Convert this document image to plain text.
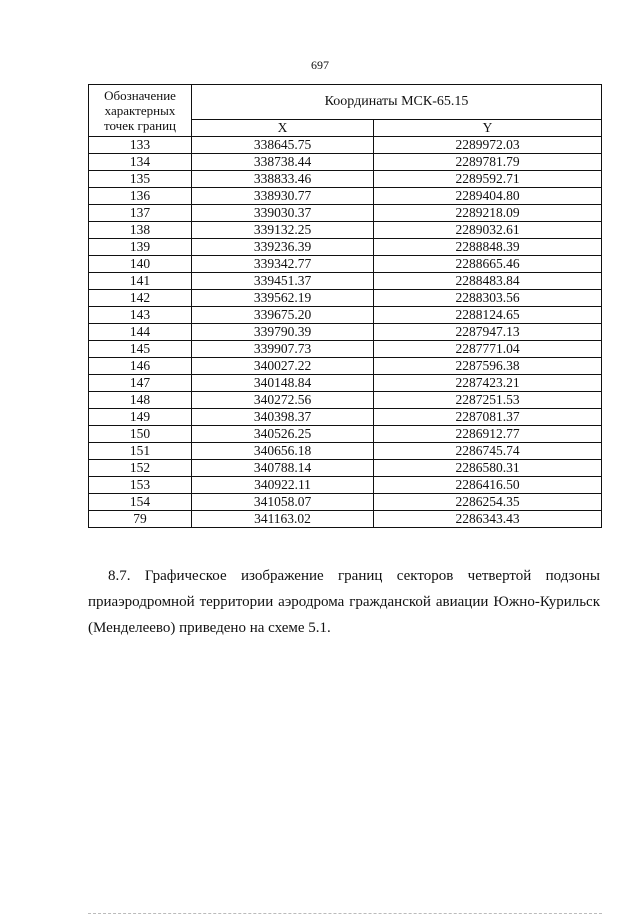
697
Обозначение характерных точек границ	Координаты МСК-65.15	
	X	Y
133	338645.75	2289972.03
134	338738.44	2289781.79
135	338833.46	2289592.71
136	338930.77	2289404.80
137	339030.37	2289218.09
138	339132.25	2289032.61
139	339236.39	2288848.39
140	339342.77	2288665.46
141	339451.37	2288483.84
142	339562.19	2288303.56
143	339675.20	2288124.65
144	339790.39	2287947.13
145	339907.73	2287771.04
146	340027.22	2287596.38
147	340148.84	2287423.21
148	340272.56	2287251.53
149	340398.37	2287081.37
150	340526.25	2286912.77
151	340656.18	2286745.74
152	340788.14	2286580.31
153	340922.11	2286416.50
154	341058.07	2286254.35
79	341163.02	2286343.43
8.7. Графическое изображение границ секторов четвертой подзоны
приаэродромной территории аэродрома гражданской авиации Южно-Курильск
(Менделеево) приведено на схеме 5.1.
